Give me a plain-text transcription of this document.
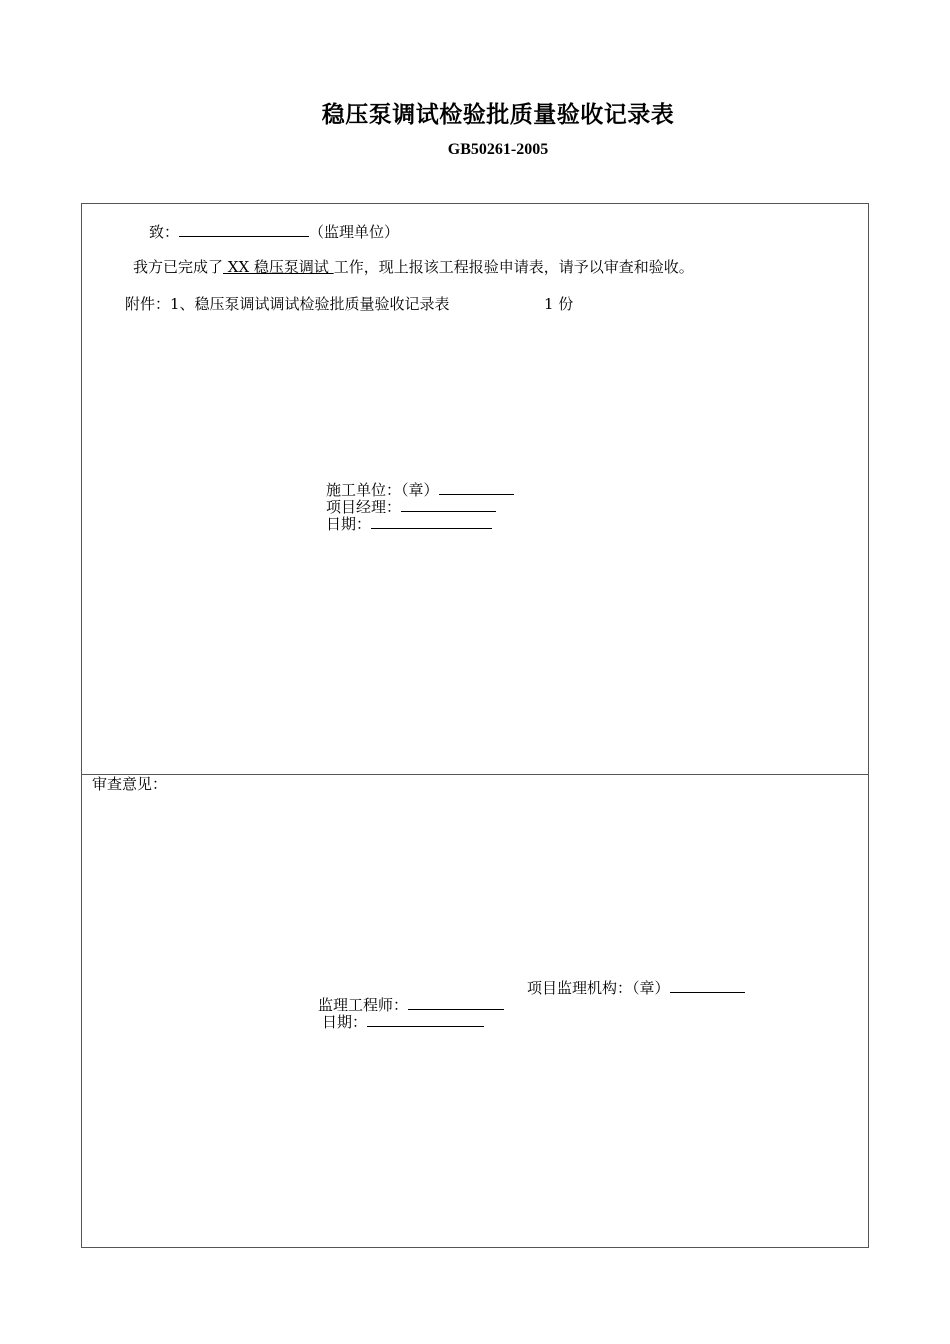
稳压泵调试检验批质量验收记录表
GB50261-2005
致：	（监理单位）
我方已完成了 XX 稳压泵调试 工作，现上报该工程报验申请表，请予以审查和验收。
附件：1、稳压泵调试调试检验批质量验收记录表	1 份
施工单位：（章）
项目经理：
日期：
审查意见：
项目监理机构：（章）
监理工程师：
日期：
